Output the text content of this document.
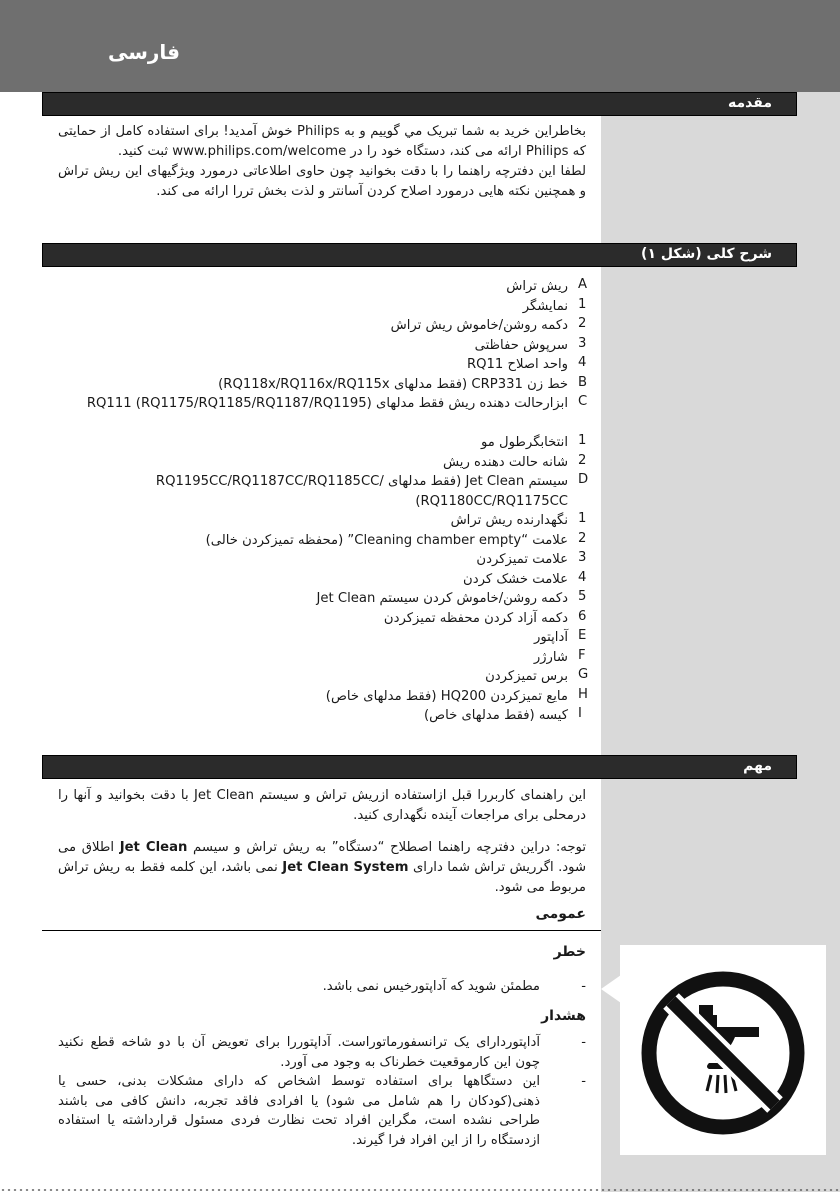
فارسی
مقدمه

بخاطراین خرید به شما تبریک مي گوییم و به Philips خوش آمدید! برای استفاده کامل از حمایتی که Philips ارائه می کند، دستگاه خود را در www.philips.com/welcome ثبت کنید.

لطفا این دفترچه راهنما را با دقت بخوانید چون حاوی اطلاعاتی درمورد ویژگیهای این ریش تراش و همچنین نکته هایی درمورد اصلاح کردن آسانتر و لذت بخش تررا ارائه می کند.

شرح کلی (شکل ۱)
A
ریش تراش
1
نمایشگر
2
دکمه روشن/خاموش ریش تراش
3
سرپوش حفاظتی
4
واحد اصلاح RQ11
B
خط زن CRP331 (فقط مدلهای RQ118x/RQ116x/RQ115x)
C
ابزارحالت دهنده ریش فقط مدلهای RQ111 (RQ1175/RQ1185/RQ1187/RQ1195)
1
انتخابگرطول مو
2
شانه حالت دهنده ریش
D
سیستم Jet Clean (فقط مدلهای RQ1195CC/RQ1187CC/RQ1185CC/ RQ1180CC/RQ1175CC)
1
نگهدارنده ریش تراش
2
علامت “Cleaning chamber empty” (محفظه تمیزکردن خالی)
3
علامت تمیزکردن
4
علامت خشک کردن
5
دکمه روشن/خاموش کردن سیستم Jet Clean
6
دکمه آزاد کردن محفظه تمیزکردن
E
آداپتور
F
شارژر
G
برس تمیزکردن
H
مایع تمیزکردن HQ200 (فقط مدلهای خاص)
I
کیسه (فقط مدلهای خاص)
مهم

این راهنمای کاربررا قبل ازاستفاده ازریش تراش و سیستم Jet Clean با دقت بخوانید و آنها را درمحلی برای مراجعات آینده نگهداری کنید.

توجه: دراین دفترچه راهنما اصطلاح “دستگاه” به ریش تراش و سیسم Jet Clean اطلاق می شود. اگرریش تراش شما دارای Jet Clean System نمی باشد، این کلمه فقط به ریش تراش مربوط می شود.

عمومی
خطر
-
مطمئن شوید که آداپتورخیس نمی باشد.
هشدار
-
آداپتوردارای یک ترانسفورماتوراست. آداپتوررا برای تعویض آن با دو شاخه قطع نکنید چون این کارموقعیت خطرناک به وجود می آورد.
-
این دستگاهها برای استفاده توسط اشخاص که دارای مشکلات بدنی، حسی یا ذهنی(کودکان را هم شامل می شود) یا افرادی فاقد تجربه، دانش کافی می باشند طراحی نشده است، مگراین افراد تحت نظارت فردی مسئول قرارداشته یا استفاده ازدستگاه را از این افراد فرا گیرند.
